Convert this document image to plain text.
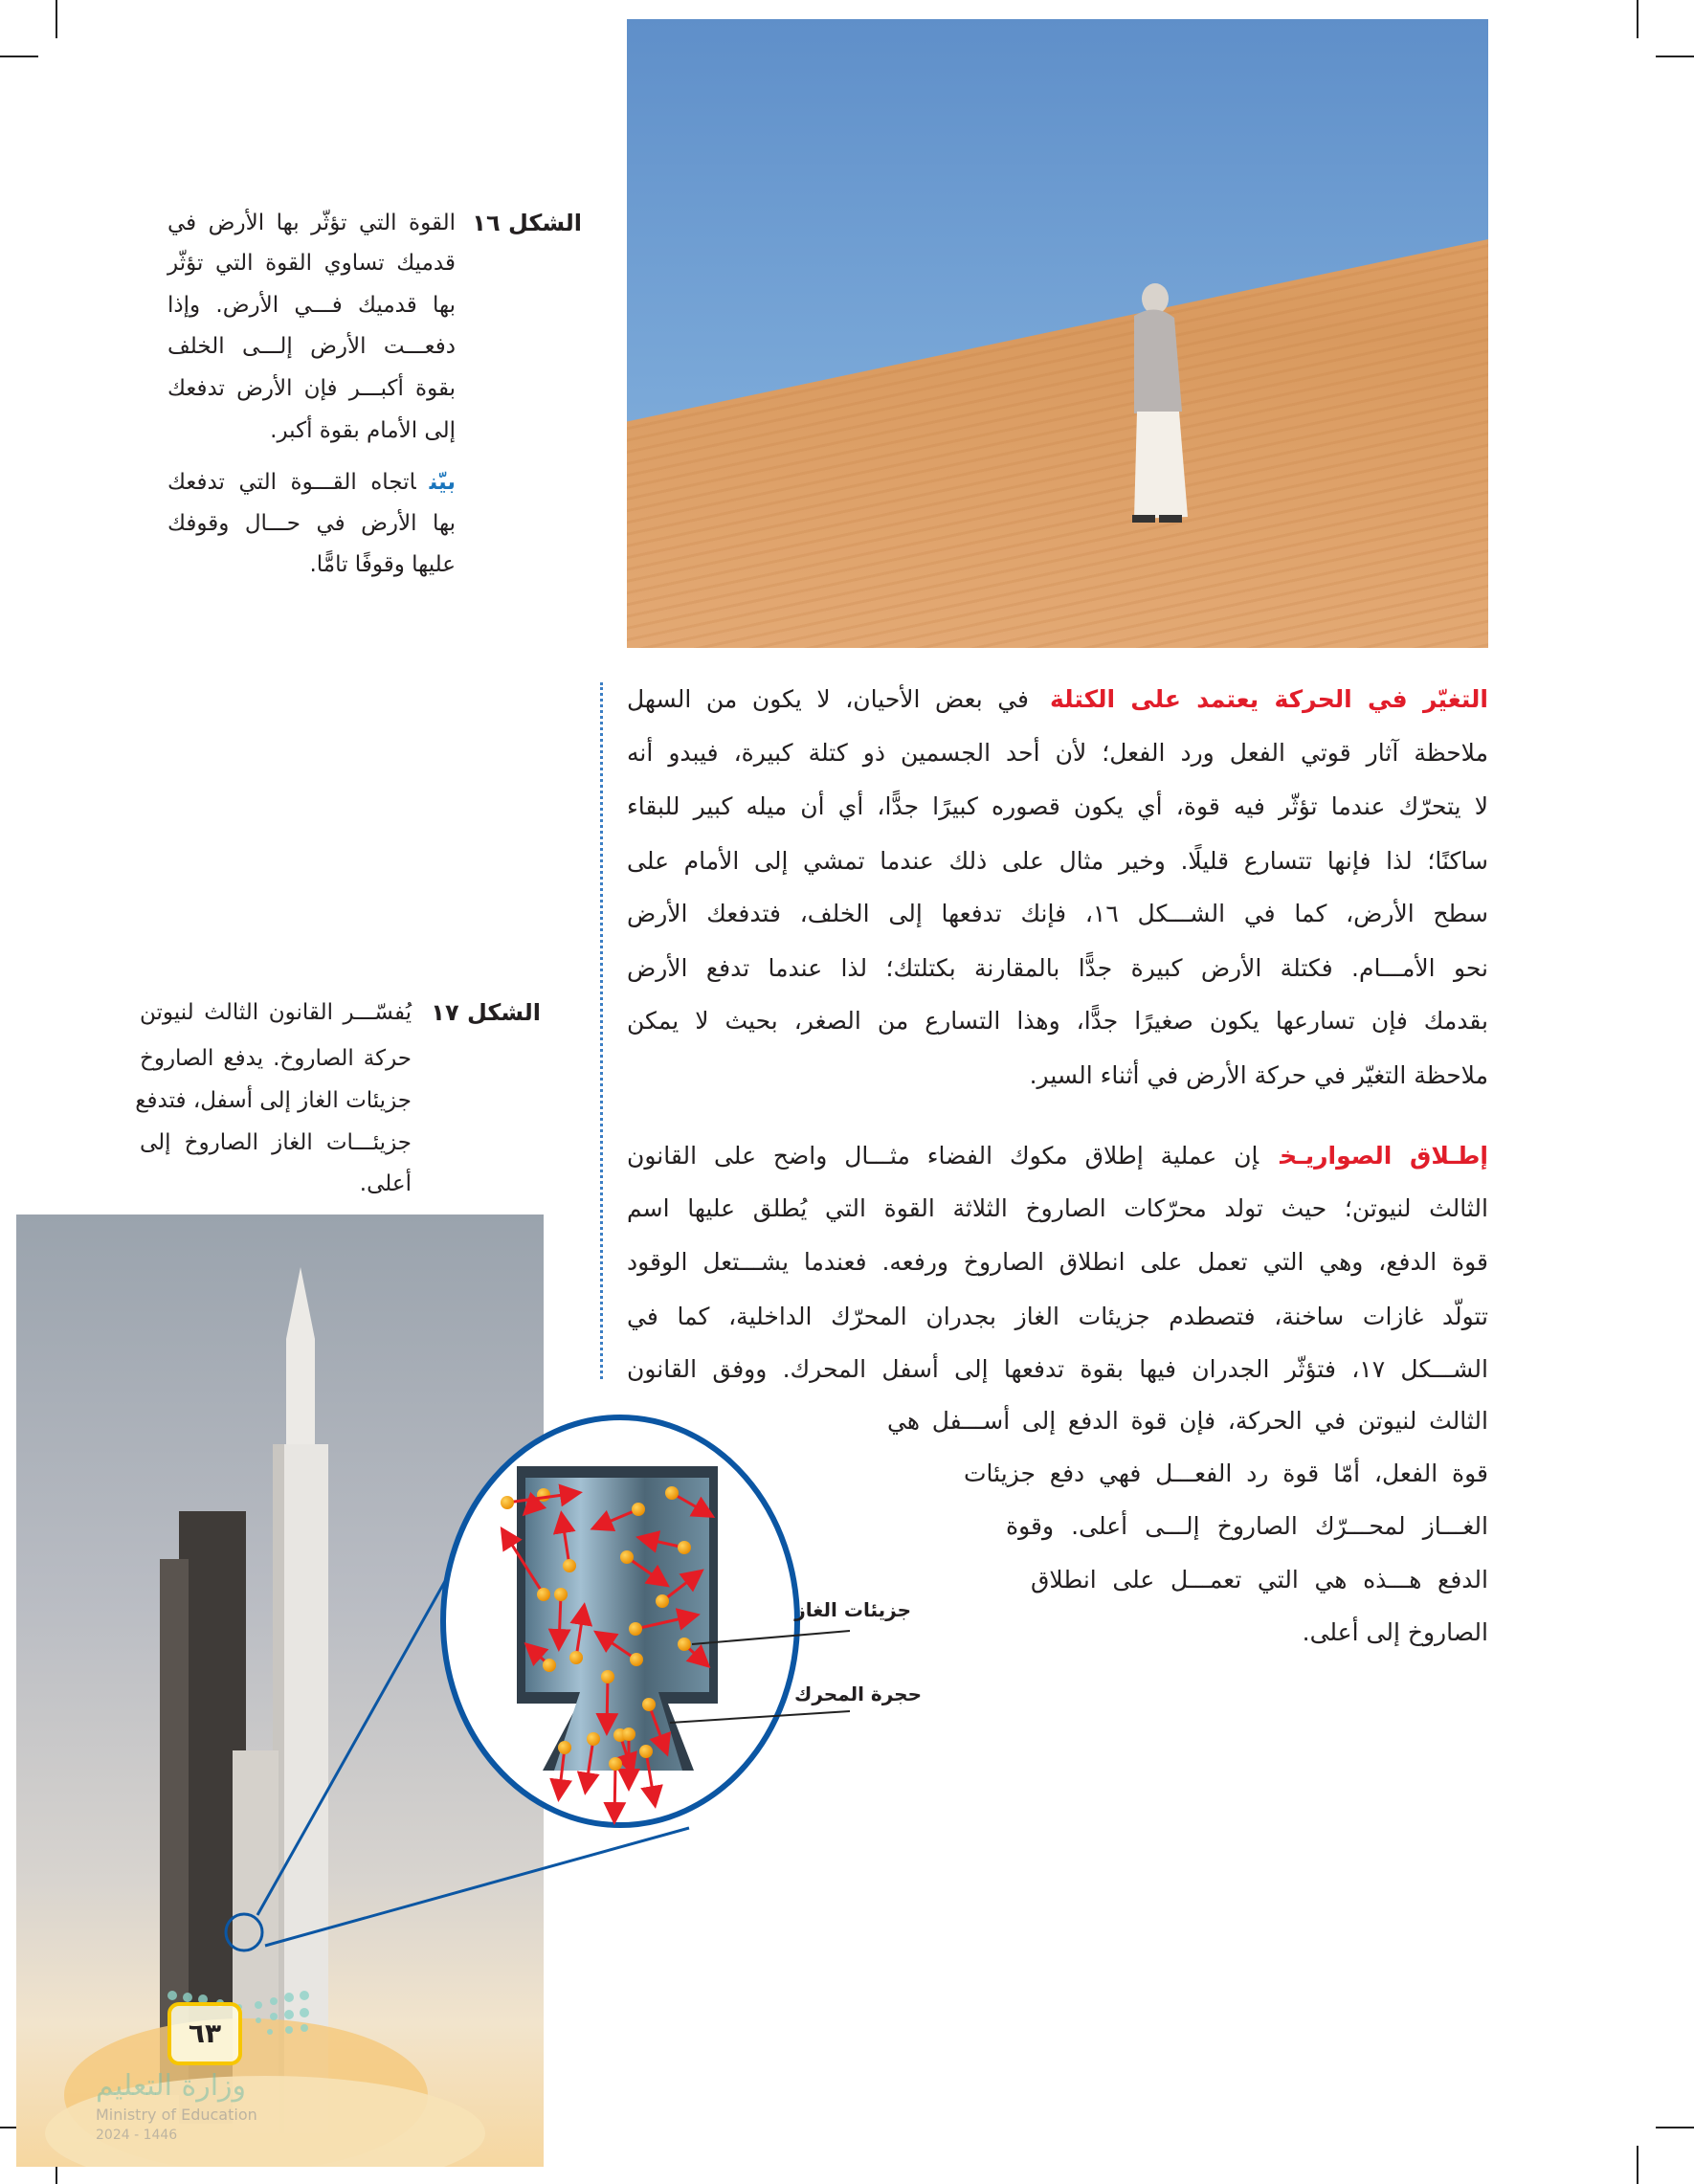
الشكل ١٦
القوة التي تؤثّر بها الأرض في
قدميك تساوي القوة التي تؤثّر
بها قدميك فـــي الأرض. وإذا
دفعـــت الأرض إلـــى الخلف
بقوة أكبـــر فإن الأرض تدفعك
إلى الأمام بقوة أكبر.
بيّناتجاه القـــوة التي تدفعك
بها الأرض في حـــال وقوفك
عليها وقوفًا تامًّا.
التغيّر في الحركة يعتمد على الكتلةفي بعض الأحيان، لا يكون من السهل
ملاحظة آثار قوتي الفعل ورد الفعل؛ لأن أحد الجسمين ذو كتلة كبيرة، فيبدو أنه
لا يتحرّك عندما تؤثّر فيه قوة، أي يكون قصوره كبيرًا جدًّا، أي أن ميله كبير للبقاء
ساكنًا؛ لذا فإنها تتسارع قليلًا. وخير مثال على ذلك عندما تمشي إلى الأمام على
سطح الأرض، كما في الشـــكل ١٦، فإنك تدفعها إلى الخلف، فتدفعك الأرض
نحو الأمـــام. فكتلة الأرض كبيرة جدًّا بالمقارنة بكتلتك؛ لذا عندما تدفع الأرض
بقدمك فإن تسارعها يكون صغيرًا جدًّا، وهذا التسارع من الصغر، بحيث لا يمكن
ملاحظة التغيّر في حركة الأرض في أثناء السير.
إطـلاق الصواريـخإن عملية إطلاق مكوك الفضاء مثـــال واضح على القانون
الثالث لنيوتن؛ حيث تولد محرّكات الصاروخ الثلاثة القوة التي يُطلق عليها اسم
قوة الدفع، وهي التي تعمل على انطلاق الصاروخ ورفعه. فعندما يشـــتعل الوقود
تتولّد غازات ساخنة، فتصطدم جزيئات الغاز بجدران المحرّك الداخلية، كما في
الشـــكل ١٧، فتؤثّر الجدران فيها بقوة تدفعها إلى أسفل المحرك. ووفق القانون
الثالث لنيوتن في الحركة، فإن قوة الدفع إلى أســـفل هي
قوة الفعل، أمّا قوة رد الفعـــل فهي دفع جزيئات
الغـــاز لمحـــرّك الصاروخ إلـــى أعلى. وقوة
الدفع هـــذه هي التي تعمـــل على انطلاق
الصاروخ إلى أعلى.
الشكل ١٧
يُفسّـــر القانون الثالث لنيوتن
حركة الصاروخ. يدفع الصاروخ
جزيئات الغاز إلى أسفل، فتدفع
جزيئـــات الغاز الصاروخ إلى
أعلى.
وزارة التعليم
Ministry of Education
2024 - 1446
٦٣
جزيئات الغاز
حجرة المحرك
